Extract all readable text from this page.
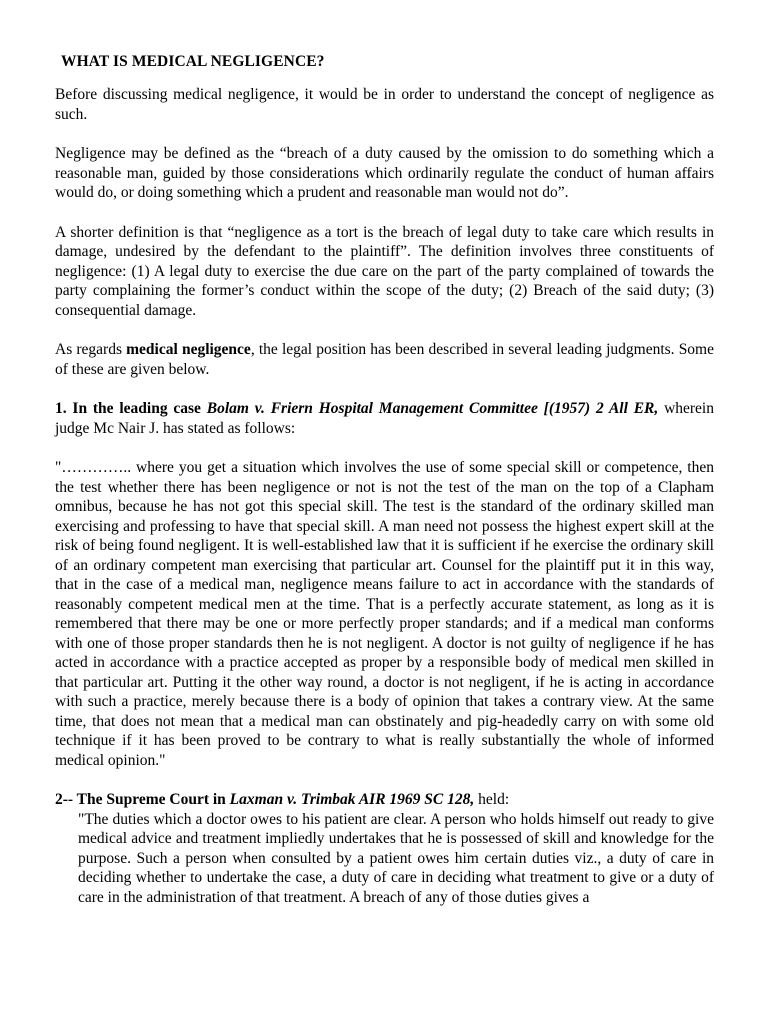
WHAT IS MEDICAL NEGLIGENCE?

Before discussing medical negligence, it would be in order to understand the concept of negligence as such.

Negligence may be defined as the “breach of a duty caused by the omission to do something which a reasonable man, guided by those considerations which ordinarily regulate the conduct of human affairs would do, or doing something which a prudent and reasonable man would not do”.

A shorter definition is that “negligence as a tort is the breach of legal duty to take care which results in damage, undesired by the defendant to the plaintiff”. The definition involves three constituents of negligence: (1) A legal duty to exercise the due care on the part of the party complained of towards the party complaining the former’s conduct within the scope of the duty; (2) Breach of the said duty; (3) consequential damage.

As regards medical negligence, the legal position has been described in several leading judgments. Some of these are given below.

1. In the leading case Bolam v. Friern Hospital Management Committee [(1957) 2 All ER, wherein judge Mc Nair J. has stated as follows:

"………….. where you get a situation which involves the use of some special skill or competence, then the test whether there has been negligence or not is not the test of the man on the top of a Clapham omnibus, because he has not got this special skill. The test is the standard of the ordinary skilled man exercising and professing to have that special skill. A man need not possess the highest expert skill at the risk of being found negligent. It is well-established law that it is sufficient if he exercise the ordinary skill of an ordinary competent man exercising that particular art. Counsel for the plaintiff put it in this way, that in the case of a medical man, negligence means failure to act in accordance with the standards of reasonably competent medical men at the time. That is a perfectly accurate statement, as long as it is remembered that there may be one or more perfectly proper standards; and if a medical man conforms with one of those proper standards then he is not negligent. A doctor is not guilty of negligence if he has acted in accordance with a practice accepted as proper by a responsible body of medical men skilled in that particular art. Putting it the other way round, a doctor is not negligent, if he is acting in accordance with such a practice, merely because there is a body of opinion that takes a contrary view. At the same time, that does not mean that a medical man can obstinately and pig-headedly carry on with some old technique if it has been proved to be contrary to what is really substantially the whole of informed medical opinion."

2-- The Supreme Court in Laxman v. Trimbak AIR 1969 SC 128, held:

"The duties which a doctor owes to his patient are clear. A person who holds himself out ready to give medical advice and treatment impliedly undertakes that he is possessed of skill and knowledge for the purpose. Such a person when consulted by a patient owes him certain duties viz., a duty of care in deciding whether to undertake the case, a duty of care in deciding what treatment to give or a duty of care in the administration of that treatment. A breach of any of those duties gives a
